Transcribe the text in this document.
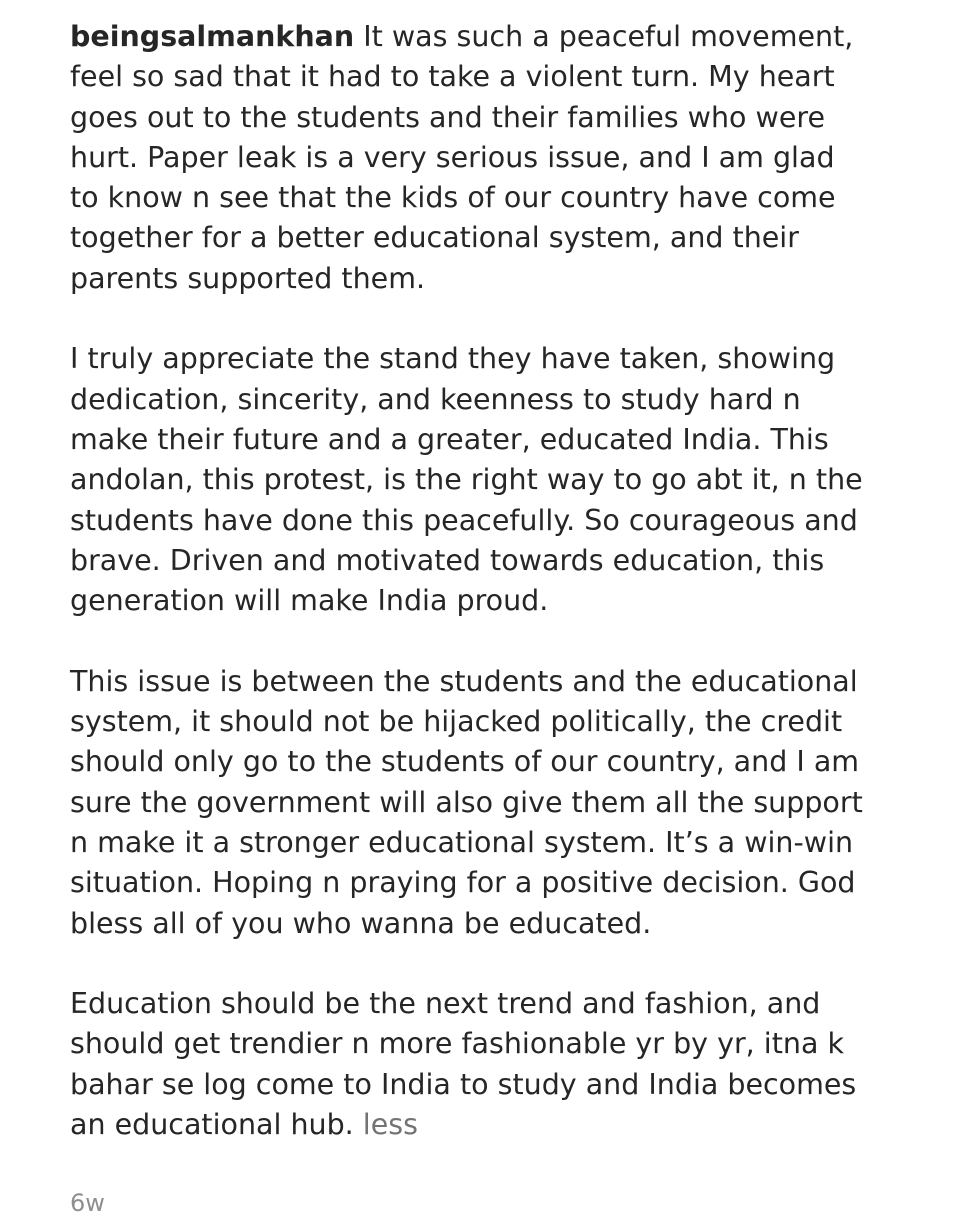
beingsalmankhan It was such a peaceful movement, feel so sad that it had to take a violent turn. My heart goes out to the students and their families who were hurt. Paper leak is a very serious issue, and I am glad to know n see that the kids of our country have come together for a better educational system, and their parents supported them.

I truly appreciate the stand they have taken, showing dedication, sincerity, and keenness to study hard n make their future and a greater, educated India. This andolan, this protest, is the right way to go abt it, n the students have done this peacefully. So courageous and brave. Driven and motivated towards education, this generation will make India proud.

This issue is between the students and the educational system, it should not be hijacked politically, the credit should only go to the students of our country, and I am sure the government will also give them all the support n make it a stronger educational system. It’s a win-win situation. Hoping n praying for a positive decision. God bless all of you who wanna be educated.

Education should be the next trend and fashion, and should get trendier n more fashionable yr by yr, itna k bahar se log come to India to study and India becomes an educational hub. less

6w
